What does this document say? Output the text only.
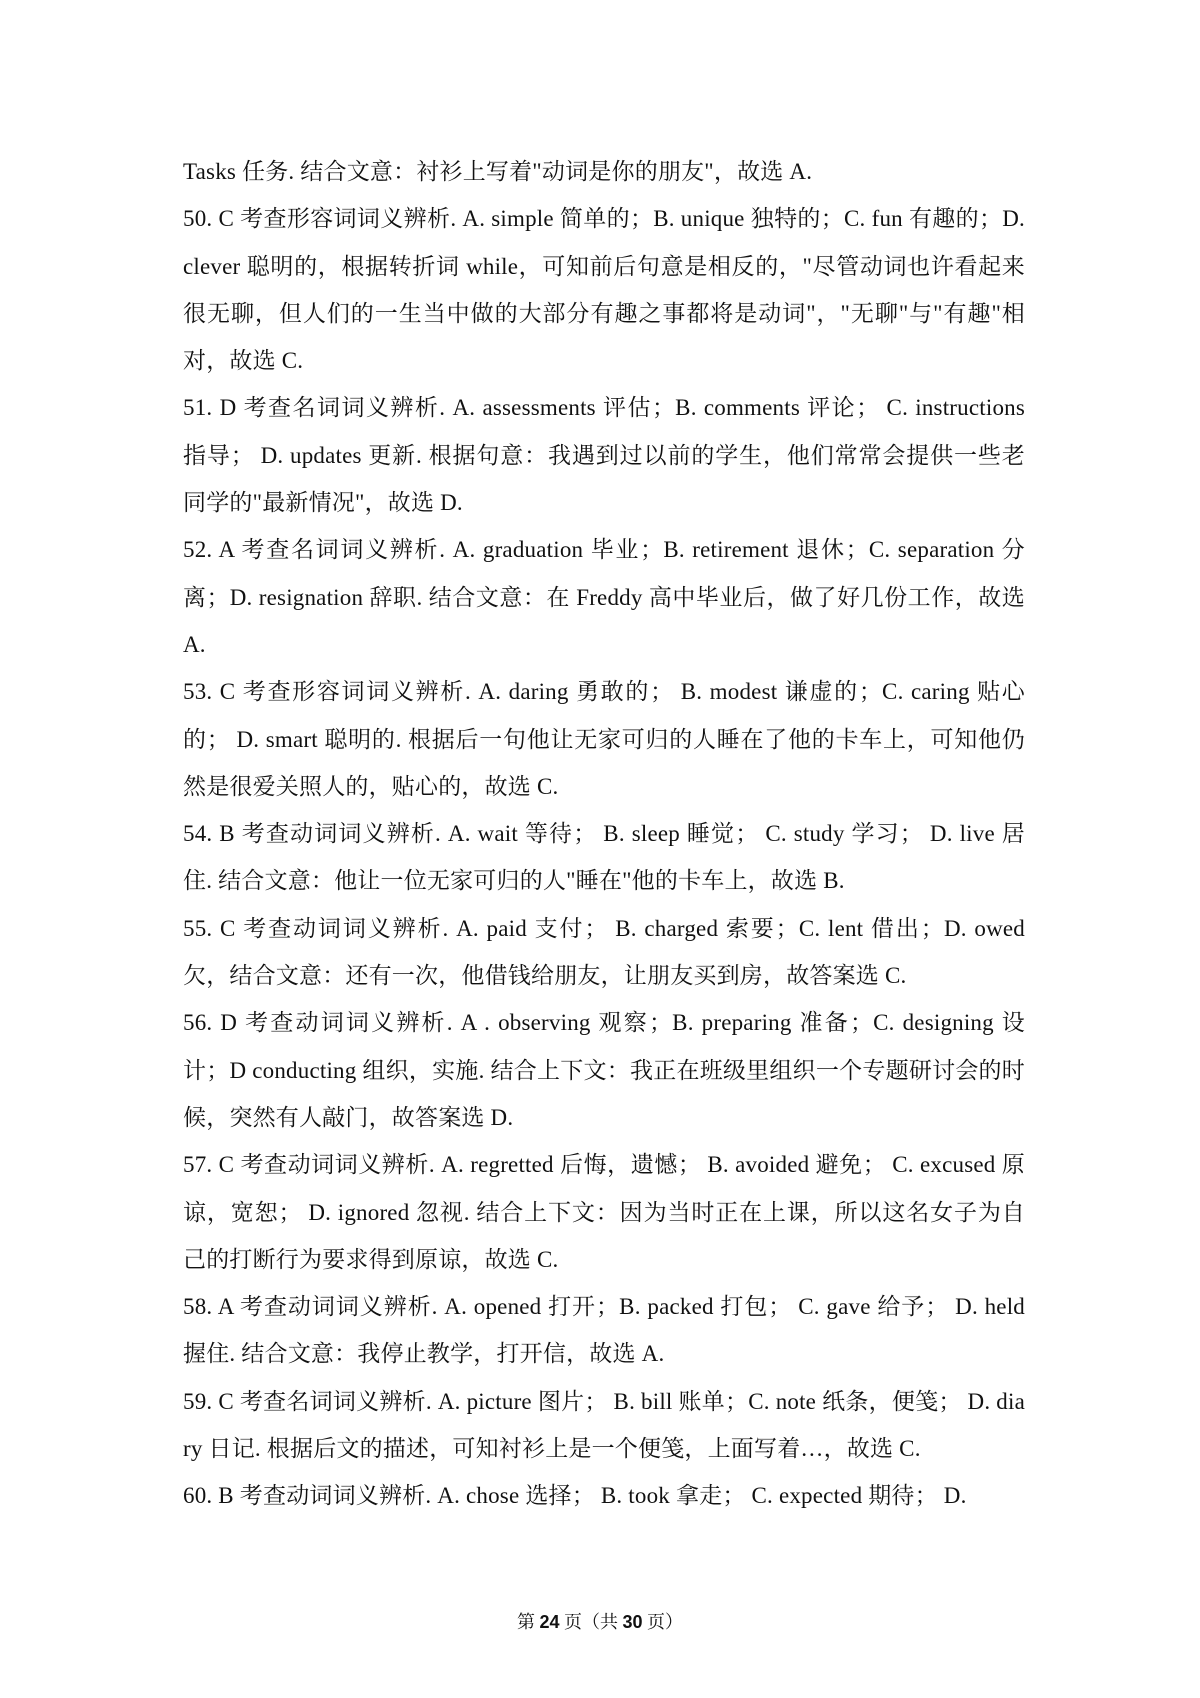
Tasks 任务. 结合文意：衬衫上写着"动词是你的朋友"，故选 A.

50. C 考查形容词词义辨析. A. simple 简单的；B. unique 独特的；C. fun 有趣的；D. clever 聪明的，根据转折词 while，可知前后句意是相反的，"尽管动词也许看起来很无聊，但人们的一生当中做的大部分有趣之事都将是动词"，"无聊"与"有趣"相对，故选 C.

51. D 考查名词词义辨析. A. assessments 评估；B. comments 评论； C. instructions 指导； D. updates 更新. 根据句意：我遇到过以前的学生，他们常常会提供一些老同学的"最新情况"，故选 D.

52. A 考查名词词义辨析. A. graduation 毕业；B. retirement 退休；C. separation 分离；D. resignation 辞职. 结合文意：在 Freddy 高中毕业后，做了好几份工作，故选 A.

53. C 考查形容词词义辨析. A. daring 勇敢的； B. modest 谦虚的；C. caring 贴心的； D. smart 聪明的. 根据后一句他让无家可归的人睡在了他的卡车上，可知他仍然是很爱关照人的，贴心的，故选 C.

54. B 考查动词词义辨析. A. wait 等待； B. sleep 睡觉； C. study 学习； D. live 居住. 结合文意：他让一位无家可归的人"睡在"他的卡车上，故选 B.

55. C 考查动词词义辨析. A. paid 支付； B. charged 索要；C. lent 借出；D. owed 欠，结合文意：还有一次，他借钱给朋友，让朋友买到房，故答案选 C.

56. D 考查动词词义辨析. A . observing 观察；B. preparing 准备；C. designing 设计；D conducting 组织，实施. 结合上下文：我正在班级里组织一个专题研讨会的时候，突然有人敲门，故答案选 D.

57. C 考查动词词义辨析. A. regretted 后悔，遗憾； B. avoided 避免； C. excused 原谅，宽恕； D. ignored 忽视. 结合上下文：因为当时正在上课，所以这名女子为自己的打断行为要求得到原谅，故选 C.

58. A 考查动词词义辨析. A. opened 打开；B. packed 打包； C. gave 给予； D. held 握住. 结合文意：我停止教学，打开信，故选 A.

59. C 考查名词词义辨析. A. picture 图片； B. bill 账单；C. note 纸条，便笺； D. diary 日记. 根据后文的描述，可知衬衫上是一个便笺，上面写着…，故选 C.

60. B 考查动词词义辨析. A. chose 选择； B. took 拿走； C. expected 期待； D.

第 24 页（共 30 页）
